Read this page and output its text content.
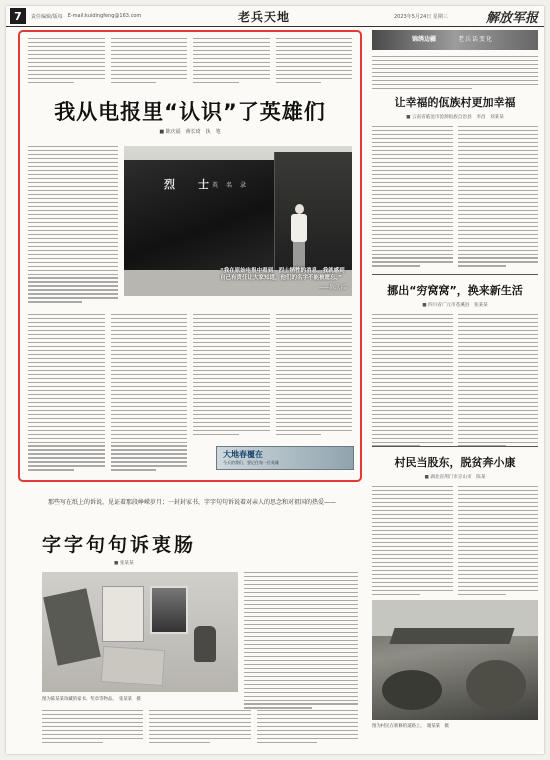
7	责任编辑/版每 E-mail:kuidingfeng@163.com	老兵天地	2023年5月24日 星期三	解放军报
我从电报里“认识”了英雄们
■ 陈庆福　蒋长琦　执　笔
烈　士
英　名　录
“我在原始电报中看到　烈士牺牲的消息，我就感到自己有责任让大家知道，他们的名字不能被遗忘。”
——陈庆福
大地春覆在
今天的我们，要记住每一位英雄
锦绣边疆	老兵话变化
让幸福的佤族村更加幸福
■ 云南省临沧市沧源佤族自治县　李昌　刘某某
挪出“穷窝窝”，换来新生活
■ 四川省广元市苍溪县　张某某
村民当股东，脱贫奔小康
■ 湖北省荆门市京山市　陈某
图为村民在新修的道路上。　谢某某　摄
那些写在纸上的诉说，见证着那段峥嵘岁月；一封封家书，字字句句诉说着对亲人的思念和对祖国的热爱——
字字句句诉衷肠
■ 张某某
图为陈某某珍藏的家书、奖章等物品。　张某某　摄
